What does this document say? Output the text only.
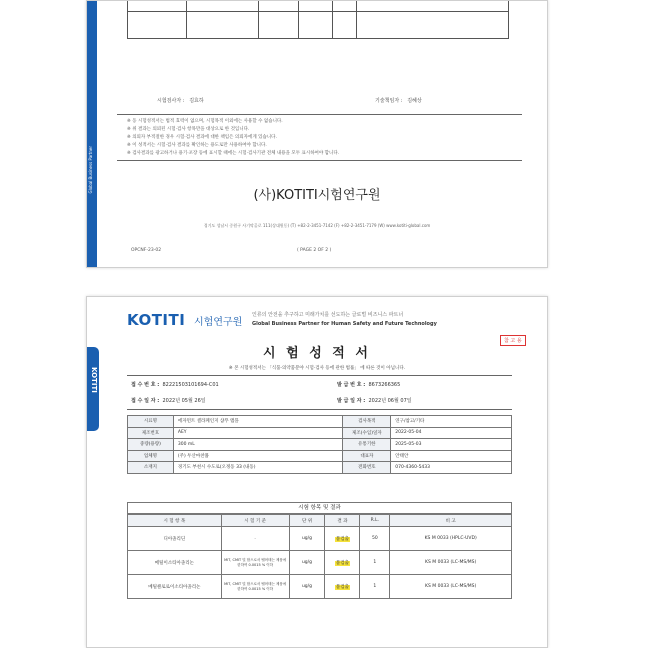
Global Business Partner
시험검사자 : 김효하	기술책임자 : 김혜상
※ 동 시험성적서는 법적 효력이 없으며, 시험목적 이외에는 사용할 수 없습니다.
※ 위 결과는 의뢰된 시험·검사 항목만을 대상으로 한 것입니다.
※ 의뢰자 부적절한 경우 시험·검사 결과에 대한 책임은 의뢰자에게 있습니다.
※ 이 성적서는 시험·검사 결과를 확인하는 용도로만 사용하여야 합니다.
※ 검사결과를 광고하거나 용기·포장 등에 표시할 때에는 시험·검사기관 전체 내용을 모두 표시하여야 합니다.
(사)KOTITI시험연구원
경기도 성남시 중원구 사기막골로 111(상대원동) (T) +82-2-3451-7142 (F) +82-2-3451-7179 (W) www.kotiti-global.com
OPCNF-23-02	( PAGE 2 OF 2 )
KOTITI
KOTITI 시험연구원
인류의 안전을 추구하고 미래가치를 선도하는 글로벌 비즈니스 파트너
Global Business Partner for Human Safety and Future Technology
참 고 용
시 험 성 적 서
※ 본 시험성적서는 「식품·의약품분야 시험·검사 등에 관한 법률」 에 따른 것이 아닙니다.
접 수 번 호 : 82221503101694-C01	발 급 번 호 : 8673266365
접 수 일 자 : 2022년 05월 26일	발 급 일 자 : 2022년 06월 07일
시료명	에자먼트 셀라페인지 샴푸 앰플	검사목적	연구/참고/기타
제조번호	AEY	제조(수입)일자	2022-05-04
중량(용량)	300 mL	유통기한	2025-05-03
업체명	(주) 두산마찬퓸	대표자	안태안
소재지	경기도 부천시 수도로(오정동 33 (내동)	전화번호	070-4360-5433
시험 항목 및 결과
시 험 항 목	시 험 기 준	단 위	결 과	R.L.	비 고
디아졸리딘	-	ug/g	불검출	50	KS M 0033 (HPLC-UVD)
메틸이소티아졸리논	MIT, CMIT 및 합으로서 벨어태는 제품에 한하여 0.0015 % 이하	ug/g	불검출	1	KS M 0033 (LC-MS/MS)
메틸클로로이소티아졸리논	MIT, CMIT 및 합으로서 벨어태는 제품에 한하여 0.0015 % 이하	ug/g	불검출	1	KS M 0033 (LC-MS/MS)
